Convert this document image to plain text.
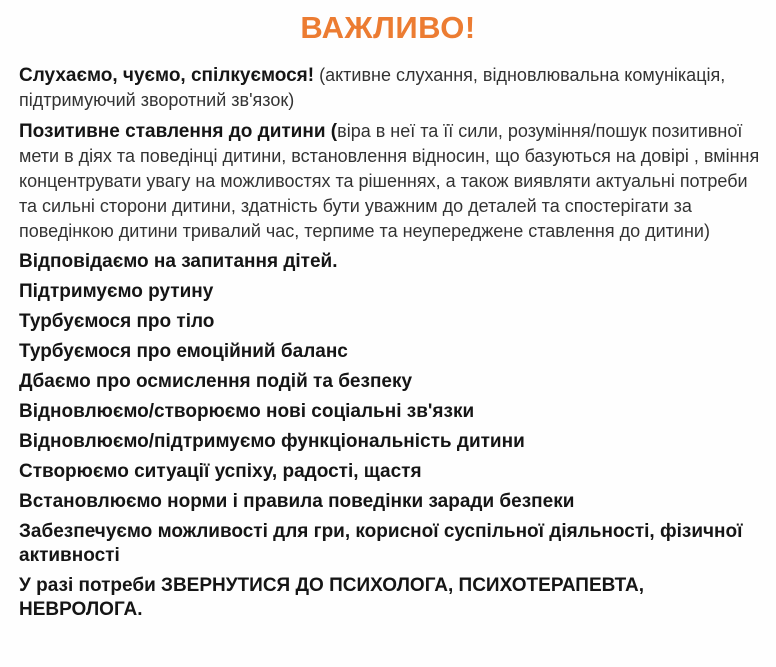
ВАЖЛИВО!
Слухаємо, чуємо, спілкуємося! (активне слухання, відновлювальна комунікація, підтримуючий зворотний зв'язок)
Позитивне ставлення до дитини (віра в неї та її сили, розуміння/пошук позитивної мети в діях та поведінці дитини, встановлення відносин, що базуються на довірі , вміння концентрувати увагу на можливостях та рішеннях, а також виявляти актуальні потреби та сильні сторони дитини, здатність бути уважним до деталей та спостерігати за поведінкою дитини тривалий час, терпиме та неупереджене ставлення до дитини)
Відповідаємо на запитання дітей.
Підтримуємо рутину
Турбуємося про тіло
Турбуємося про емоційний баланс
Дбаємо про осмислення подій та безпеку
Відновлюємо/створюємо нові соціальні зв'язки
Відновлюємо/підтримуємо функціональність дитини
Створюємо ситуації успіху, радості, щастя
Встановлюємо норми і правила поведінки заради безпеки
Забезпечуємо можливості для гри, корисної суспільної діяльності, фізичної активності
У разі потреби ЗВЕРНУТИСЯ ДО ПСИХОЛОГА, ПСИХОТЕРАПЕВТА, НЕВРОЛОГА.
